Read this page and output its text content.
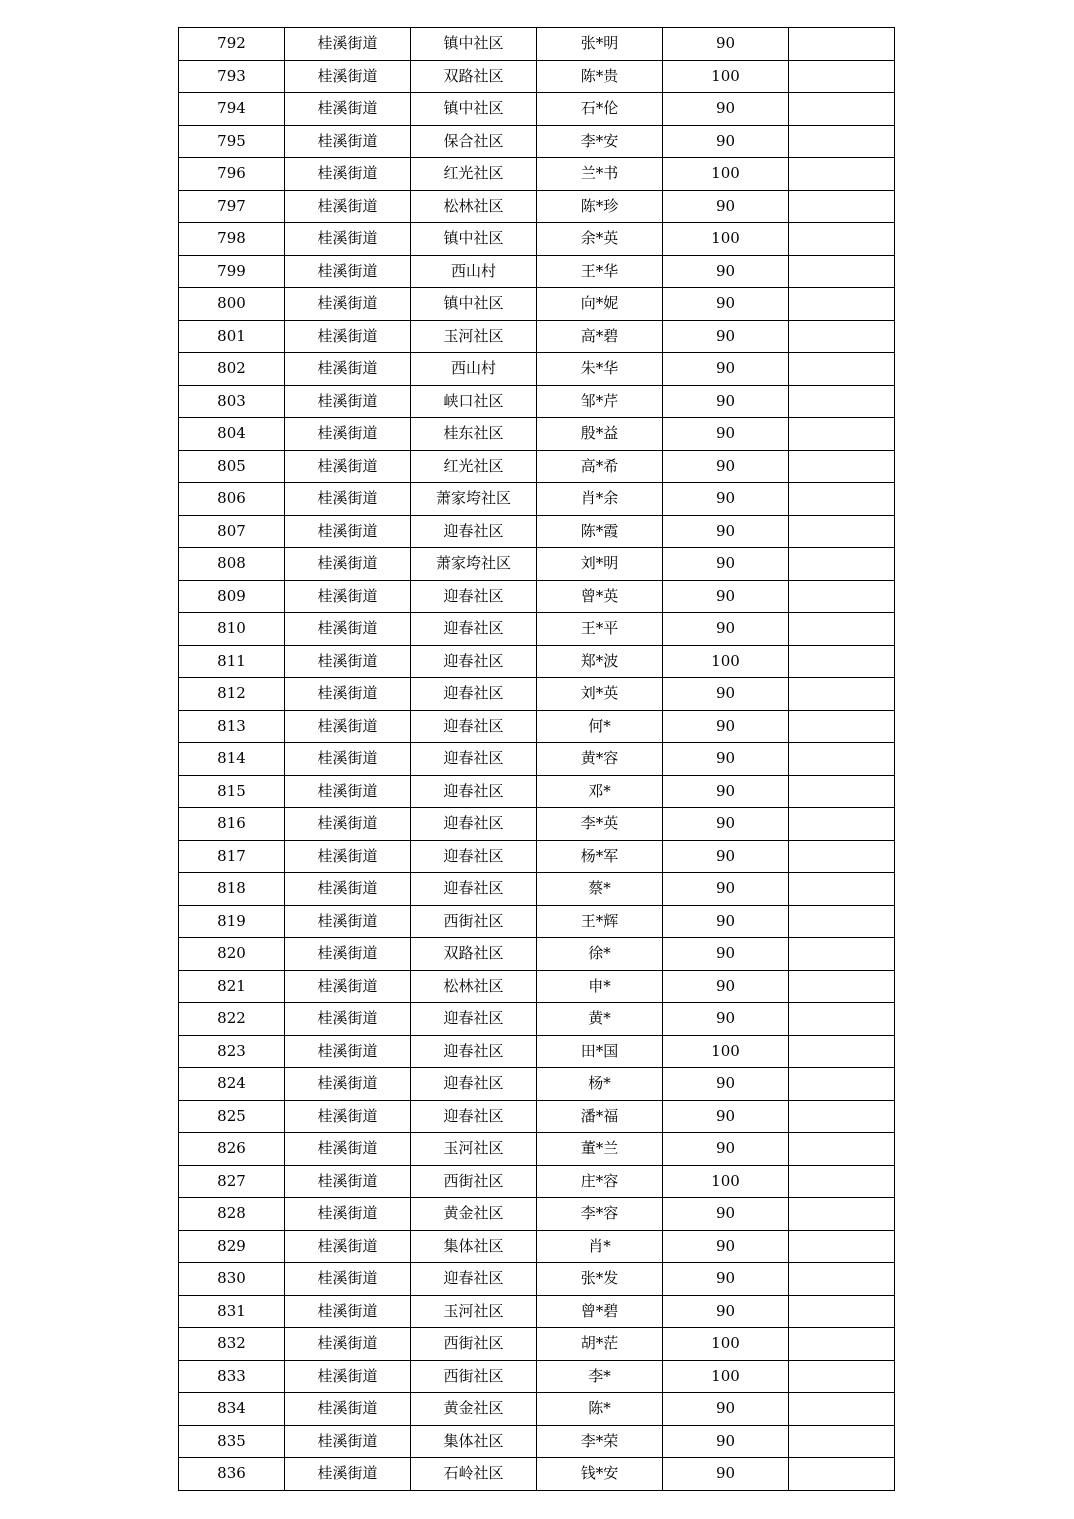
792	桂溪街道	镇中社区	张*明	90	
793	桂溪街道	双路社区	陈*贵	100	
794	桂溪街道	镇中社区	石*伦	90	
795	桂溪街道	保合社区	李*安	90	
796	桂溪街道	红光社区	兰*书	100	
797	桂溪街道	松林社区	陈*珍	90	
798	桂溪街道	镇中社区	余*英	100	
799	桂溪街道	西山村	王*华	90	
800	桂溪街道	镇中社区	向*妮	90	
801	桂溪街道	玉河社区	高*碧	90	
802	桂溪街道	西山村	朱*华	90	
803	桂溪街道	峡口社区	邹*芹	90	
804	桂溪街道	桂东社区	殷*益	90	
805	桂溪街道	红光社区	高*希	90	
806	桂溪街道	萧家垮社区	肖*余	90	
807	桂溪街道	迎春社区	陈*霞	90	
808	桂溪街道	萧家垮社区	刘*明	90	
809	桂溪街道	迎春社区	曾*英	90	
810	桂溪街道	迎春社区	王*平	90	
811	桂溪街道	迎春社区	郑*波	100	
812	桂溪街道	迎春社区	刘*英	90	
813	桂溪街道	迎春社区	何*	90	
814	桂溪街道	迎春社区	黄*容	90	
815	桂溪街道	迎春社区	邓*	90	
816	桂溪街道	迎春社区	李*英	90	
817	桂溪街道	迎春社区	杨*军	90	
818	桂溪街道	迎春社区	蔡*	90	
819	桂溪街道	西街社区	王*辉	90	
820	桂溪街道	双路社区	徐*	90	
821	桂溪街道	松林社区	申*	90	
822	桂溪街道	迎春社区	黄*	90	
823	桂溪街道	迎春社区	田*国	100	
824	桂溪街道	迎春社区	杨*	90	
825	桂溪街道	迎春社区	潘*福	90	
826	桂溪街道	玉河社区	董*兰	90	
827	桂溪街道	西街社区	庄*容	100	
828	桂溪街道	黄金社区	李*容	90	
829	桂溪街道	集体社区	肖*	90	
830	桂溪街道	迎春社区	张*发	90	
831	桂溪街道	玉河社区	曾*碧	90	
832	桂溪街道	西街社区	胡*茫	100	
833	桂溪街道	西街社区	李*	100	
834	桂溪街道	黄金社区	陈*	90	
835	桂溪街道	集体社区	李*荣	90	
836	桂溪街道	石岭社区	钱*安	90	
